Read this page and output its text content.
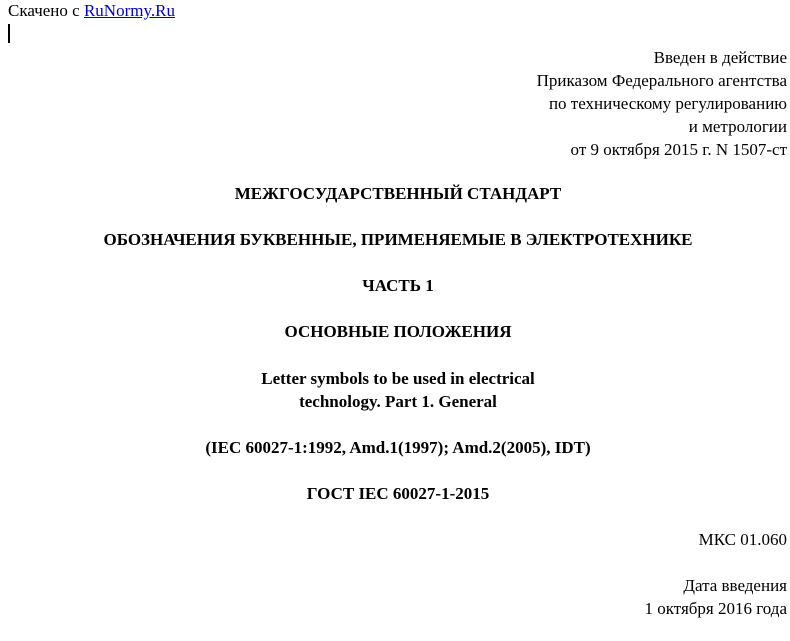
Скачено с RuNormy.Ru
Введен в действие
Приказом Федерального агентства
по техническому регулированию
и метрологии
от 9 октября 2015 г. N 1507-ст
МЕЖГОСУДАРСТВЕННЫЙ СТАНДАРТ
ОБОЗНАЧЕНИЯ БУКВЕННЫЕ, ПРИМЕНЯЕМЫЕ В ЭЛЕКТРОТЕХНИКЕ
ЧАСТЬ 1
ОСНОВНЫЕ ПОЛОЖЕНИЯ
Letter symbols to be used in electrical
technology. Part 1. General
(IEC 60027-1:1992, Amd.1(1997); Amd.2(2005), IDT)
ГОСТ IEC 60027-1-2015
МКС 01.060
Дата введения
1 октября 2016 года
